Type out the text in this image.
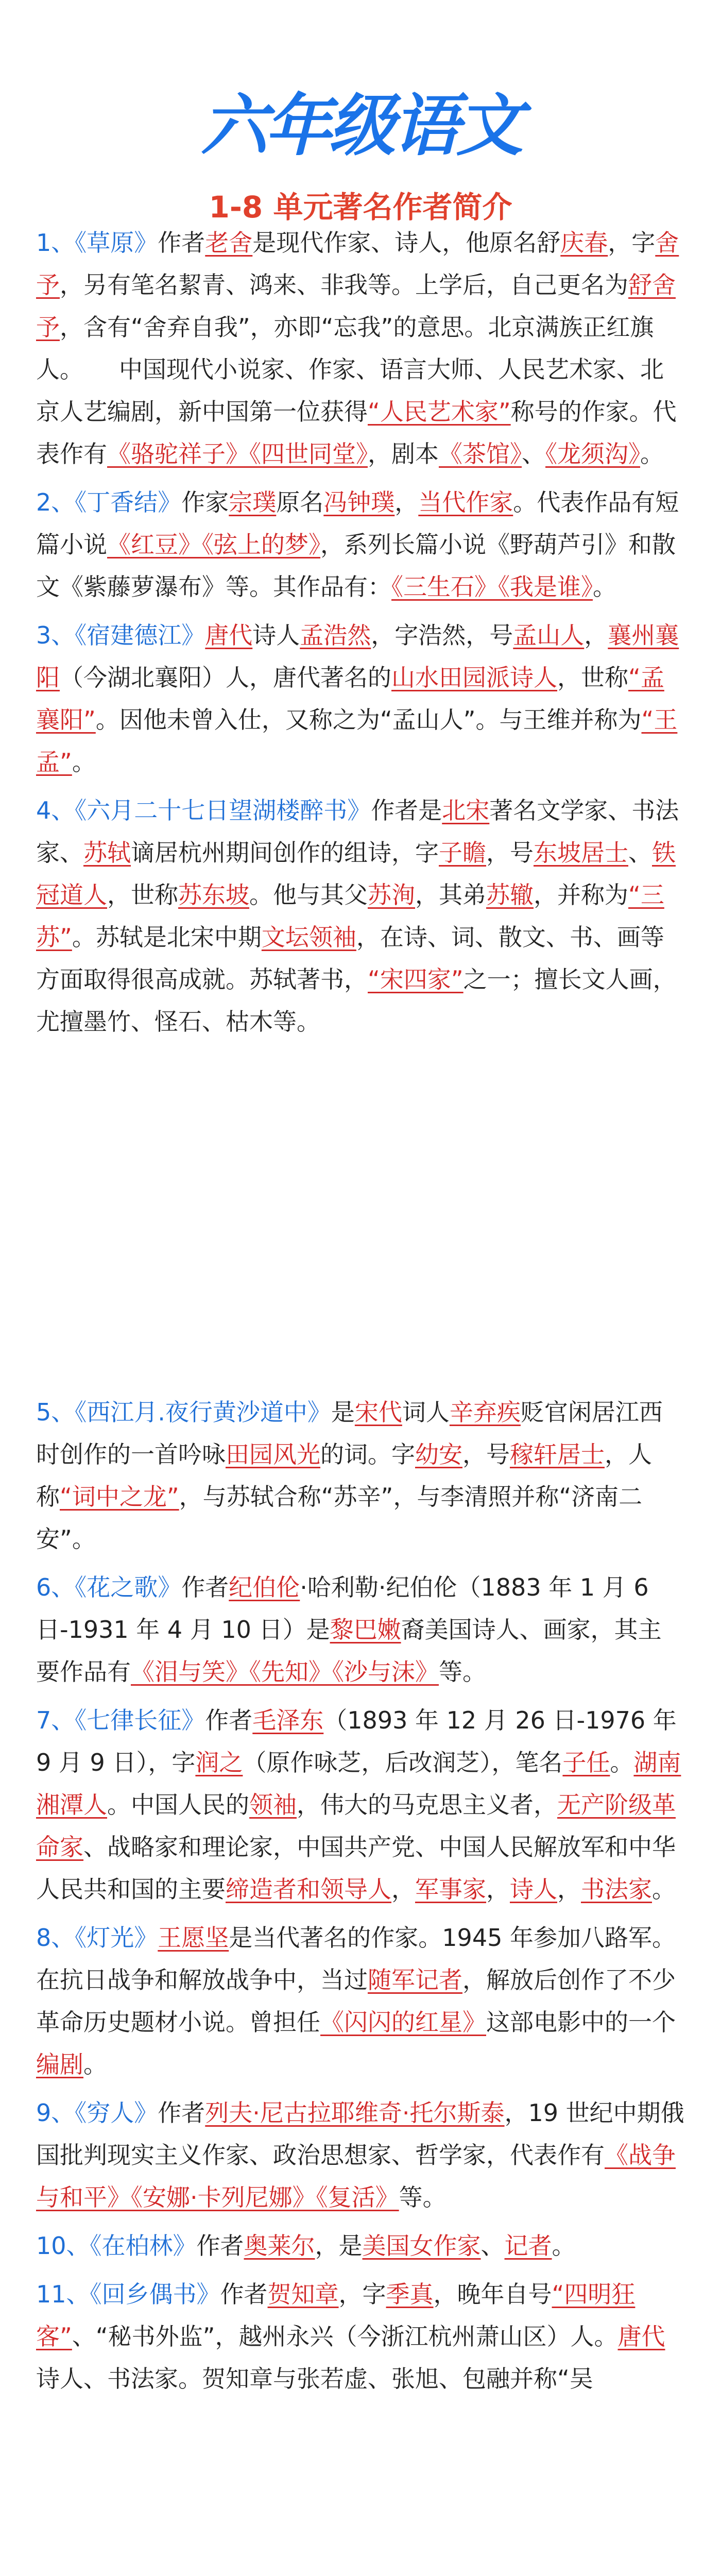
六年级语文
1-8 单元著名作者简介

1、《草原》作者老舍是现代作家、诗人，他原名舒庆春，字舍予，另有笔名絜青、鸿来、非我等。上学后，自己更名为舒舍予，含有“舍弃自我”，亦即“忘我”的意思。北京满族正红旗人。　　中国现代小说家、作家、语言大师、人民艺术家、北京人艺编剧，新中国第一位获得“人民艺术家”称号的作家。代表作有《骆驼祥子》《四世同堂》，剧本《茶馆》、《龙须沟》。

2、《丁香结》作家宗璞原名冯钟璞，当代作家。代表作品有短篇小说《红豆》《弦上的梦》，系列长篇小说《野葫芦引》和散文《紫藤萝瀑布》等。其作品有：《三生石》《我是谁》。

3、《宿建德江》唐代诗人孟浩然，字浩然，号孟山人，襄州襄阳（今湖北襄阳）人，唐代著名的山水田园派诗人，世称“孟襄阳”。因他未曾入仕，又称之为“孟山人”。与王维并称为“王孟”。

4、《六月二十七日望湖楼醉书》作者是北宋著名文学家、书法家、苏轼谪居杭州期间创作的组诗，字子瞻，号东坡居士、铁冠道人，世称苏东坡。他与其父苏洵，其弟苏辙，并称为“三苏”。苏轼是北宋中期文坛领袖，在诗、词、散文、书、画等方面取得很高成就。苏轼著书，“宋四家”之一；擅长文人画，尤擅墨竹、怪石、枯木等。

5、《西江月.夜行黄沙道中》是宋代词人辛弃疾贬官闲居江西时创作的一首吟咏田园风光的词。字幼安，号稼轩居士，人称“词中之龙”，与苏轼合称“苏辛”，与李清照并称“济南二安”。

6、《花之歌》作者纪伯伦·哈利勒·纪伯伦（1883 年 1 月 6 日-1931 年 4 月 10 日）是黎巴嫩裔美国诗人、画家，其主要作品有《泪与笑》《先知》《沙与沫》等。

7、《七律长征》作者毛泽东（1893 年 12 月 26 日-1976 年 9 月 9 日），字润之（原作咏芝，后改润芝），笔名子任。湖南湘潭人。中国人民的领袖，伟大的马克思主义者，无产阶级革命家、战略家和理论家，中国共产党、中国人民解放军和中华人民共和国的主要缔造者和领导人，军事家，诗人，书法家。

8、《灯光》王愿坚是当代著名的作家。1945 年参加八路军。在抗日战争和解放战争中，当过随军记者，解放后创作了不少革命历史题材小说。曾担任《闪闪的红星》这部电影中的一个编剧。

9、《穷人》作者列夫·尼古拉耶维奇·托尔斯泰，19 世纪中期俄国批判现实主义作家、政治思想家、哲学家，代表作有《战争与和平》《安娜·卡列尼娜》《复活》等。

10、《在柏林》作者奥莱尔，是美国女作家、记者。

11、《回乡偶书》作者贺知章，字季真，晚年自号“四明狂客”、“秘书外监”，越州永兴（今浙江杭州萧山区）人。唐代诗人、书法家。贺知章与张若虚、张旭、包融并称“吴
